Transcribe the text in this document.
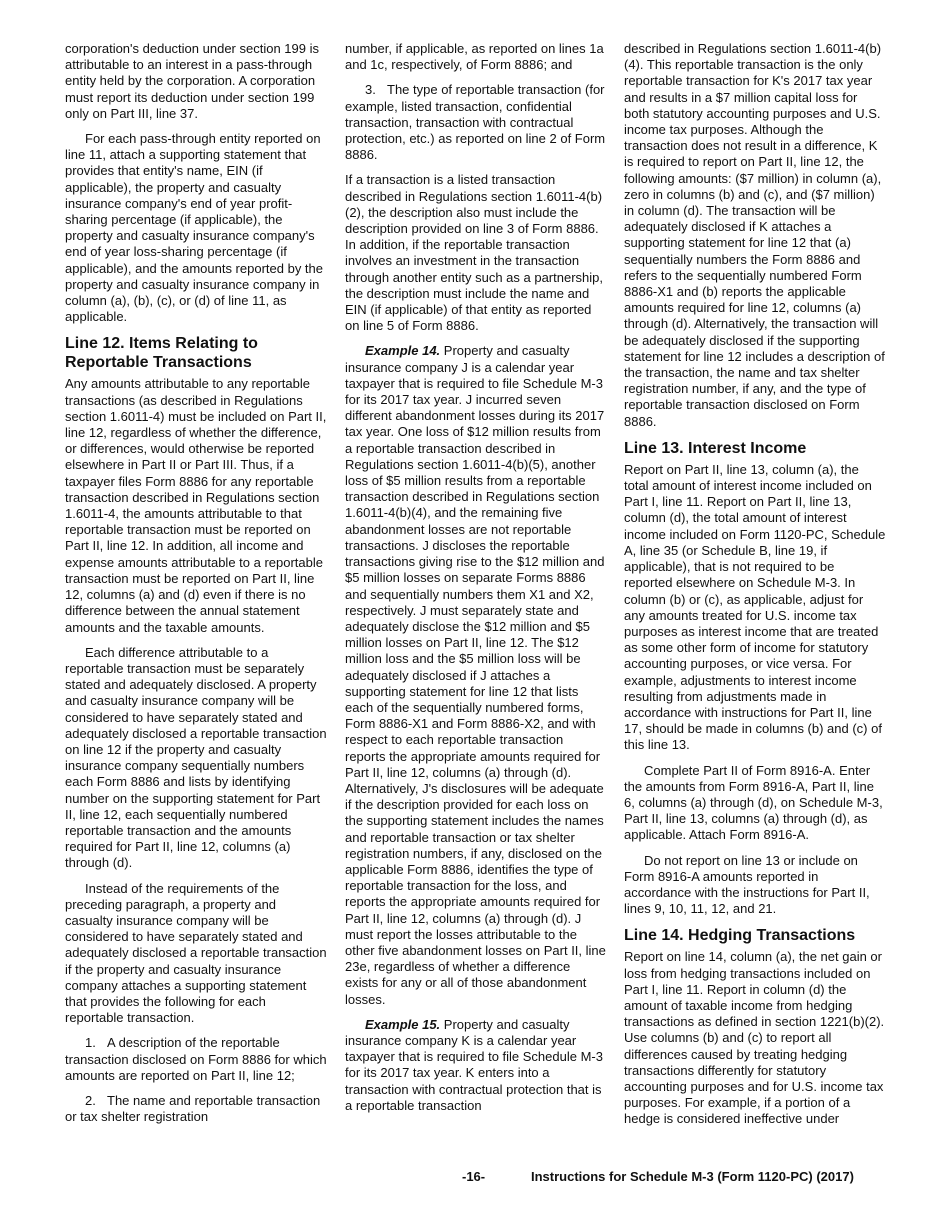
corporation's deduction under section 199 is attributable to an interest in a pass-through entity held by the corporation. A corporation must report its deduction under section 199 only on Part III, line 37.

For each pass-through entity reported on line 11, attach a supporting statement that provides that entity's name, EIN (if applicable), the property and casualty insurance company's end of year profit-sharing percentage (if applicable), the property and casualty insurance company's end of year loss-sharing percentage (if applicable), and the amounts reported by the property and casualty insurance company in column (a), (b), (c), or (d) of line 11, as applicable.

Line 12. Items Relating to Reportable Transactions

Any amounts attributable to any reportable transactions (as described in Regulations section 1.6011-4) must be included on Part II, line 12, regardless of whether the difference, or differences, would otherwise be reported elsewhere in Part II or Part III. Thus, if a taxpayer files Form 8886 for any reportable transaction described in Regulations section 1.6011-4, the amounts attributable to that reportable transaction must be reported on Part II, line 12. In addition, all income and expense amounts attributable to a reportable transaction must be reported on Part II, line 12, columns (a) and (d) even if there is no difference between the annual statement amounts and the taxable amounts.

Each difference attributable to a reportable transaction must be separately stated and adequately disclosed. A property and casualty insurance company will be considered to have separately stated and adequately disclosed a reportable transaction on line 12 if the property and casualty insurance company sequentially numbers each Form 8886 and lists by identifying number on the supporting statement for Part II, line 12, each sequentially numbered reportable transaction and the amounts required for Part II, line 12, columns (a) through (d).

Instead of the requirements of the preceding paragraph, a property and casualty insurance company will be considered to have separately stated and adequately disclosed a reportable transaction if the property and casualty insurance company attaches a supporting statement that provides the following for each reportable transaction.

1. A description of the reportable transaction disclosed on Form 8886 for which amounts are reported on Part II, line 12;

2. The name and reportable transaction or tax shelter registration

number, if applicable, as reported on lines 1a and 1c, respectively, of Form 8886; and

3. The type of reportable transaction (for example, listed transaction, confidential transaction, transaction with contractual protection, etc.) as reported on line 2 of Form 8886.

If a transaction is a listed transaction described in Regulations section 1.6011-4(b)(2), the description also must include the description provided on line 3 of Form 8886. In addition, if the reportable transaction involves an investment in the transaction through another entity such as a partnership, the description must include the name and EIN (if applicable) of that entity as reported on line 5 of Form 8886.

Example 14. Property and casualty insurance company J is a calendar year taxpayer that is required to file Schedule M-3 for its 2017 tax year. J incurred seven different abandonment losses during its 2017 tax year. One loss of $12 million results from a reportable transaction described in Regulations section 1.6011-4(b)(5), another loss of $5 million results from a reportable transaction described in Regulations section 1.6011-4(b)(4), and the remaining five abandonment losses are not reportable transactions. J discloses the reportable transactions giving rise to the $12 million and $5 million losses on separate Forms 8886 and sequentially numbers them X1 and X2, respectively. J must separately state and adequately disclose the $12 million and $5 million losses on Part II, line 12. The $12 million loss and the $5 million loss will be adequately disclosed if J attaches a supporting statement for line 12 that lists each of the sequentially numbered forms, Form 8886-X1 and Form 8886-X2, and with respect to each reportable transaction reports the appropriate amounts required for Part II, line 12, columns (a) through (d). Alternatively, J's disclosures will be adequate if the description provided for each loss on the supporting statement includes the names and reportable transaction or tax shelter registration numbers, if any, disclosed on the applicable Form 8886, identifies the type of reportable transaction for the loss, and reports the appropriate amounts required for Part II, line 12, columns (a) through (d). J must report the losses attributable to the other five abandonment losses on Part II, line 23e, regardless of whether a difference exists for any or all of those abandonment losses.

Example 15. Property and casualty insurance company K is a calendar year taxpayer that is required to file Schedule M-3 for its 2017 tax year. K enters into a transaction with contractual protection that is a reportable transaction

described in Regulations section 1.6011-4(b)(4). This reportable transaction is the only reportable transaction for K's 2017 tax year and results in a $7 million capital loss for both statutory accounting purposes and U.S. income tax purposes. Although the transaction does not result in a difference, K is required to report on Part II, line 12, the following amounts: ($7 million) in column (a), zero in columns (b) and (c), and ($7 million) in column (d). The transaction will be adequately disclosed if K attaches a supporting statement for line 12 that (a) sequentially numbers the Form 8886 and refers to the sequentially numbered Form 8886-X1 and (b) reports the applicable amounts required for line 12, columns (a) through (d). Alternatively, the transaction will be adequately disclosed if the supporting statement for line 12 includes a description of the transaction, the name and tax shelter registration number, if any, and the type of reportable transaction disclosed on Form 8886.

Line 13. Interest Income

Report on Part II, line 13, column (a), the total amount of interest income included on Part I, line 11. Report on Part II, line 13, column (d), the total amount of interest income included on Form 1120-PC, Schedule A, line 35 (or Schedule B, line 19, if applicable), that is not required to be reported elsewhere on Schedule M-3. In column (b) or (c), as applicable, adjust for any amounts treated for U.S. income tax purposes as interest income that are treated as some other form of income for statutory accounting purposes, or vice versa. For example, adjustments to interest income resulting from adjustments made in accordance with instructions for Part II, line 17, should be made in columns (b) and (c) of this line 13.

Complete Part II of Form 8916-A. Enter the amounts from Form 8916-A, Part II, line 6, columns (a) through (d), on Schedule M-3, Part II, line 13, columns (a) through (d), as applicable. Attach Form 8916-A.

Do not report on line 13 or include on Form 8916-A amounts reported in accordance with the instructions for Part II, lines 9, 10, 11, 12, and 21.

Line 14. Hedging Transactions

Report on line 14, column (a), the net gain or loss from hedging transactions included on Part I, line 11. Report in column (d) the amount of taxable income from hedging transactions as defined in section 1221(b)(2). Use columns (b) and (c) to report all differences caused by treating hedging transactions differently for statutory accounting purposes and for U.S. income tax purposes. For example, if a portion of a hedge is considered ineffective under

-16-	Instructions for Schedule M-3 (Form 1120-PC) (2017)
